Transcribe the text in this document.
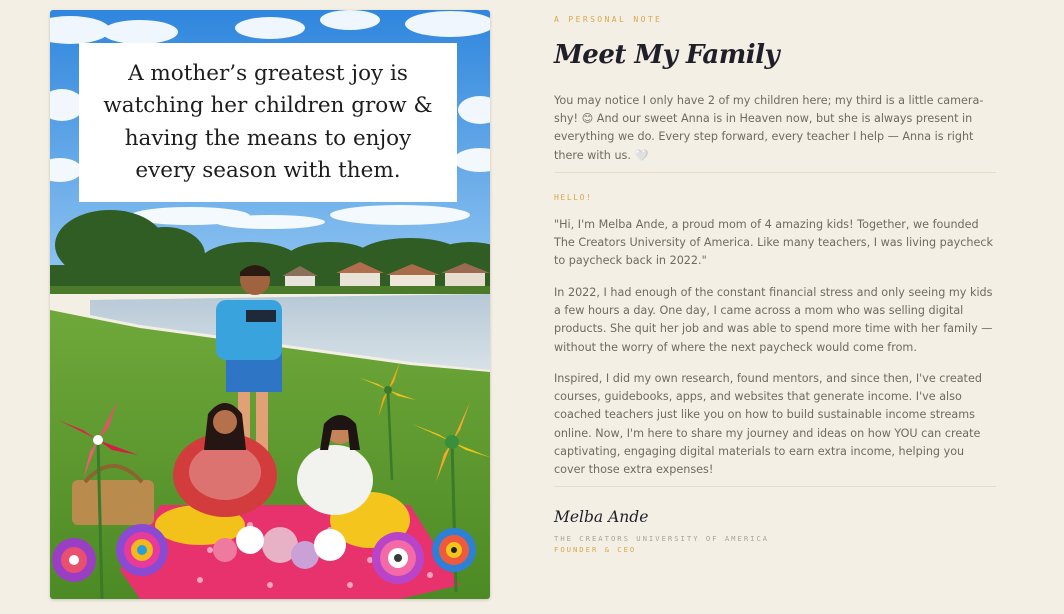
A mother’s greatest joy is
watching her children grow &
having the means to enjoy
every season with them.
A PERSONAL NOTE
Meet My Family

You may notice I only have 2 of my children here; my third is a little camera-shy! 😊 And our sweet Anna is in Heaven now, but she is always present in everything we do. Every step forward, every teacher I help — Anna is right there with us. 🤍

HELLO!

"Hi, I'm Melba Ande, a proud mom of 4 amazing kids! Together, we founded The Creators University of America. Like many teachers, I was living paycheck to paycheck back in 2022."

In 2022, I had enough of the constant financial stress and only seeing my kids a few hours a day. One day, I came across a mom who was selling digital products. She quit her job and was able to spend more time with her family — without the worry of where the next paycheck would come from.

Inspired, I did my own research, found mentors, and since then, I've created courses, guidebooks, apps, and websites that generate income. I've also coached teachers just like you on how to build sustainable income streams online. Now, I'm here to share my journey and ideas on how YOU can create captivating, engaging digital materials to earn extra income, helping you cover those extra expenses!

Melba Ande
THE CREATORS UNIVERSITY OF AMERICA
FOUNDER & CEO
